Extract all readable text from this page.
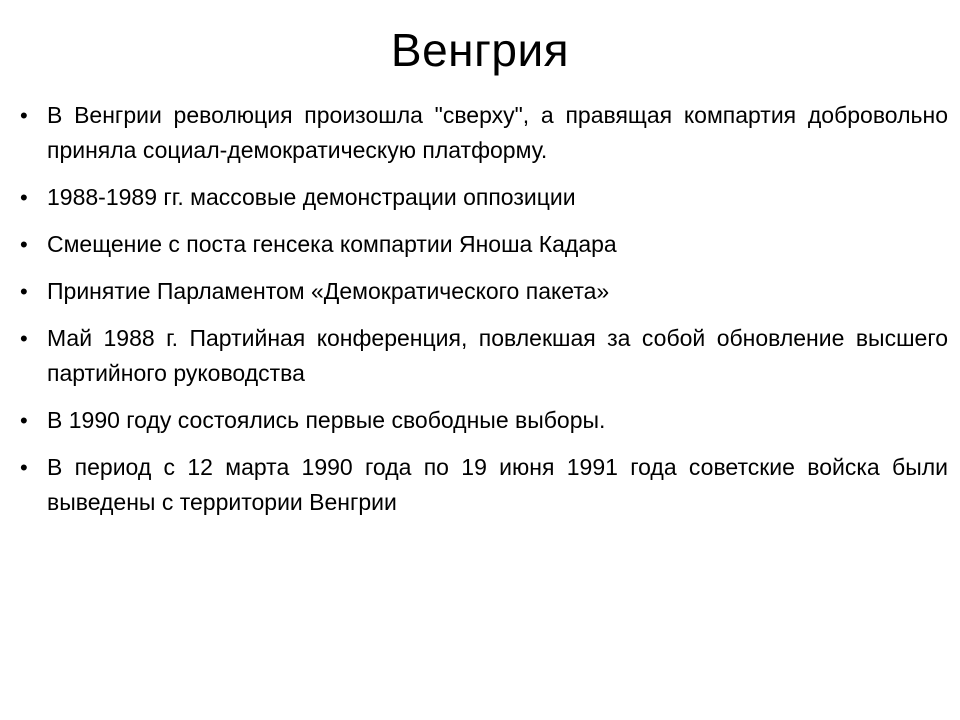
Венгрия
• В Венгрии революция произошла "сверху", а правящая компартия добровольно приняла социал-демократическую платформу.
• 1988-1989 гг. массовые демонстрации оппозиции
• Смещение с поста генсека компартии Яноша Кадара
• Принятие Парламентом «Демократического пакета»
• Май 1988 г. Партийная конференция, повлекшая за собой обновление высшего партийного руководства
• В 1990 году состоялись первые свободные выборы.
• В период с 12 марта 1990 года по 19 июня 1991 года советские войска были выведены с территории Венгрии
